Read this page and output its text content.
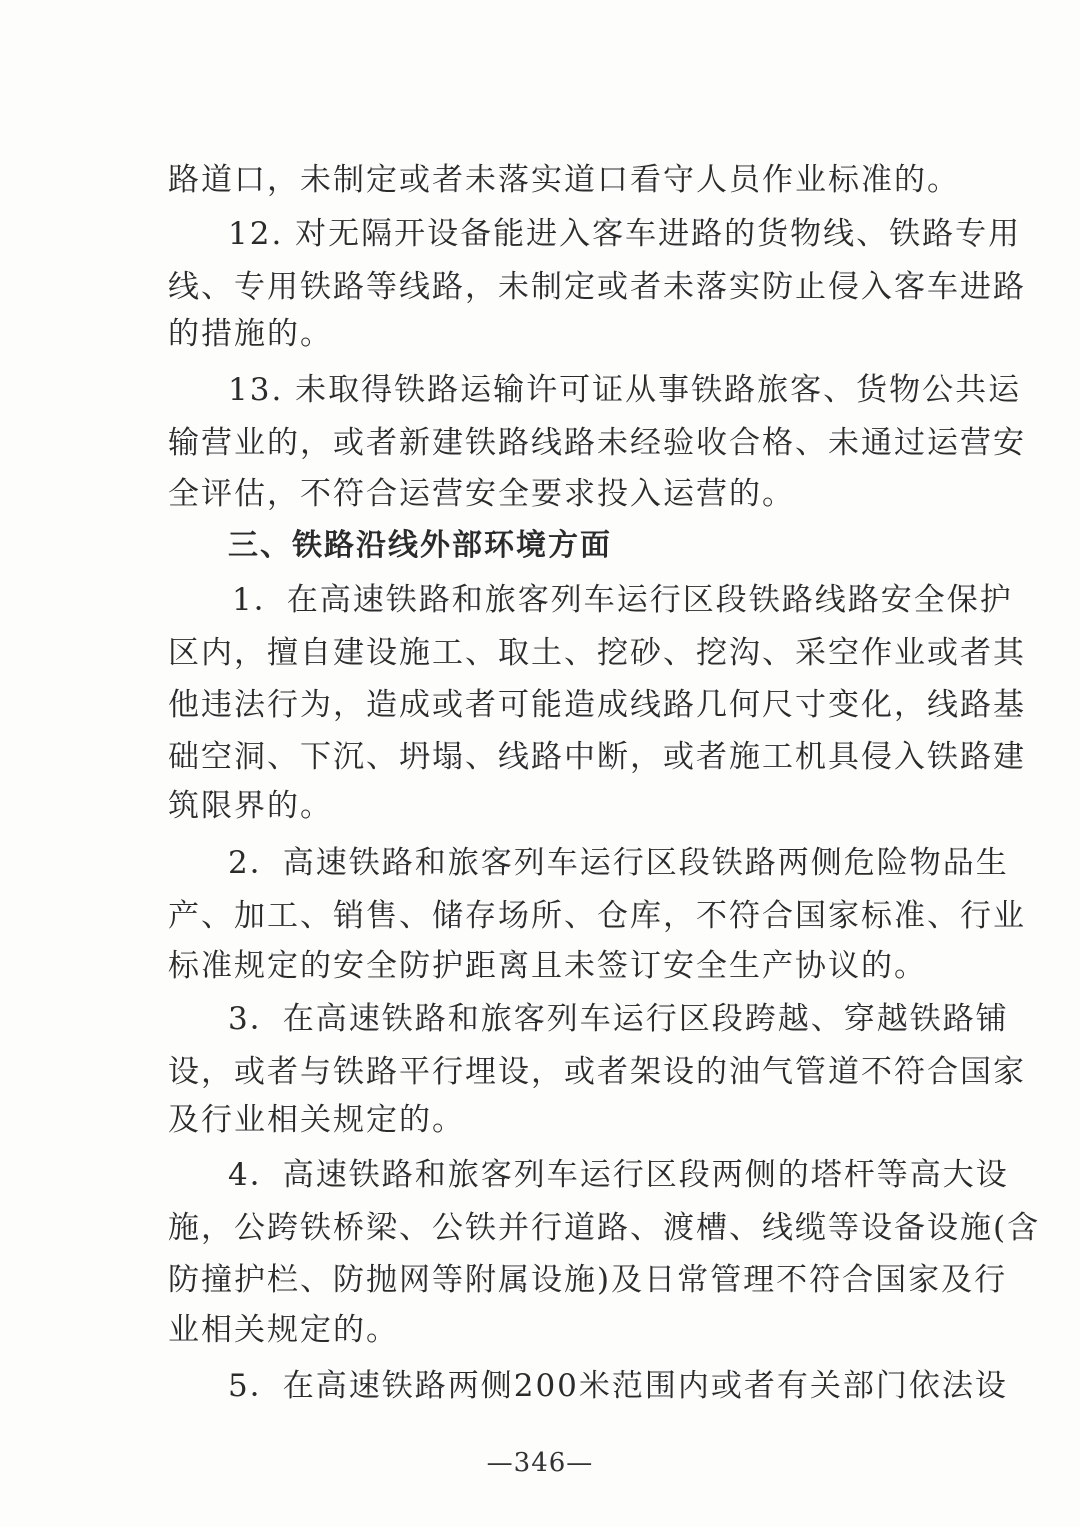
路道口，未制定或者未落实道口看守人员作业标准的。
12. 对无隔开设备能进入客车进路的货物线、铁路专用
线、专用铁路等线路，未制定或者未落实防止侵入客车进路
的措施的。
13. 未取得铁路运输许可证从事铁路旅客、货物公共运
输营业的，或者新建铁路线路未经验收合格、未通过运营安
全评估，不符合运营安全要求投入运营的。
三、铁路沿线外部环境方面
1．在高速铁路和旅客列车运行区段铁路线路安全保护
区内，擅自建设施工、取土、挖砂、挖沟、采空作业或者其
他违法行为，造成或者可能造成线路几何尺寸变化，线路基
础空洞、下沉、坍塌、线路中断，或者施工机具侵入铁路建
筑限界的。
2．高速铁路和旅客列车运行区段铁路两侧危险物品生
产、加工、销售、储存场所、仓库，不符合国家标准、行业
标准规定的安全防护距离且未签订安全生产协议的。
3．在高速铁路和旅客列车运行区段跨越、穿越铁路铺
设，或者与铁路平行埋设，或者架设的油气管道不符合国家
及行业相关规定的。
4．高速铁路和旅客列车运行区段两侧的塔杆等高大设
施，公跨铁桥梁、公铁并行道路、渡槽、线缆等设备设施(含
防撞护栏、防抛网等附属设施)及日常管理不符合国家及行
业相关规定的。
5．在高速铁路两侧200米范围内或者有关部门依法设
—346—
